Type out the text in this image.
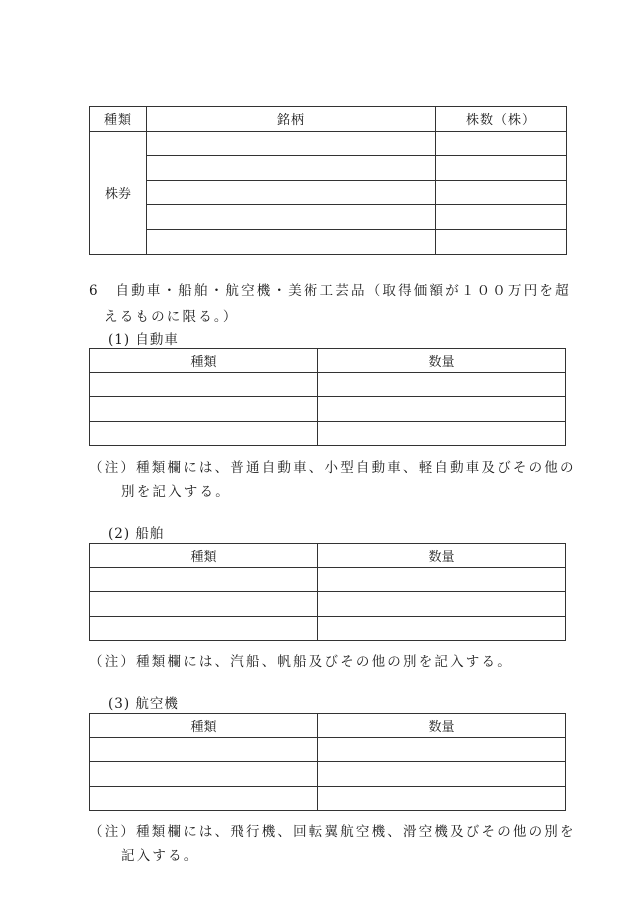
種類	銘柄	株数（株）
株券		

6　自動車・船舶・航空機・美術工芸品（取得価額が１００万円を超
えるものに限る。）
(1) 自動車
種類	数量

（注）種類欄には、普通自動車、小型自動車、軽自動車及びその他の
別を記入する。
(2) 船舶
種類	数量

（注）種類欄には、汽船、帆船及びその他の別を記入する。
(3) 航空機
種類	数量

（注）種類欄には、飛行機、回転翼航空機、滑空機及びその他の別を
記入する。
